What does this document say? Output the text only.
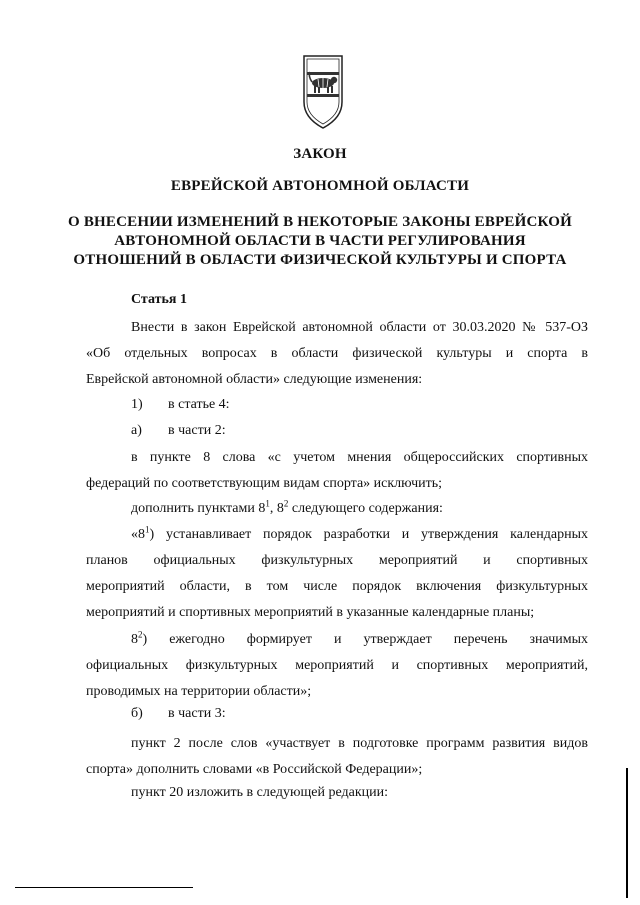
ЗАКОН
ЕВРЕЙСКОЙ АВТОНОМНОЙ ОБЛАСТИ
О ВНЕСЕНИИ ИЗМЕНЕНИЙ В НЕКОТОРЫЕ ЗАКОНЫ ЕВРЕЙСКОЙ
АВТОНОМНОЙ ОБЛАСТИ В ЧАСТИ РЕГУЛИРОВАНИЯ
ОТНОШЕНИЙ В ОБЛАСТИ ФИЗИЧЕСКОЙ КУЛЬТУРЫ И СПОРТА
Статья 1
Внести в закон Еврейской автономной области от 30.03.2020 № 537-ОЗ
«Об отдельных вопросах в области физической культуры и спорта в
Еврейской автономной области» следующие изменения:
1) в статье 4:
а) в части 2:
в пункте 8 слова «с учетом мнения общероссийских спортивных
федераций по соответствующим видам спорта» исключить;
дополнить пунктами $8^1$, $8^2$ следующего содержания:
«$8^1$) устанавливает порядок разработки и утверждения календарных
планов официальных физкультурных мероприятий и спортивных
мероприятий области, в том числе порядок включения физкультурных
мероприятий и спортивных мероприятий в указанные календарные планы;
$8^2$) ежегодно формирует и утверждает перечень значимых
официальных физкультурных мероприятий и спортивных мероприятий,
проводимых на территории области»;
б) в части 3:
пункт 2 после слов «участвует в подготовке программ развития видов
спорта» дополнить словами «в Российской Федерации»;
пункт 20 изложить в следующей редакции:
